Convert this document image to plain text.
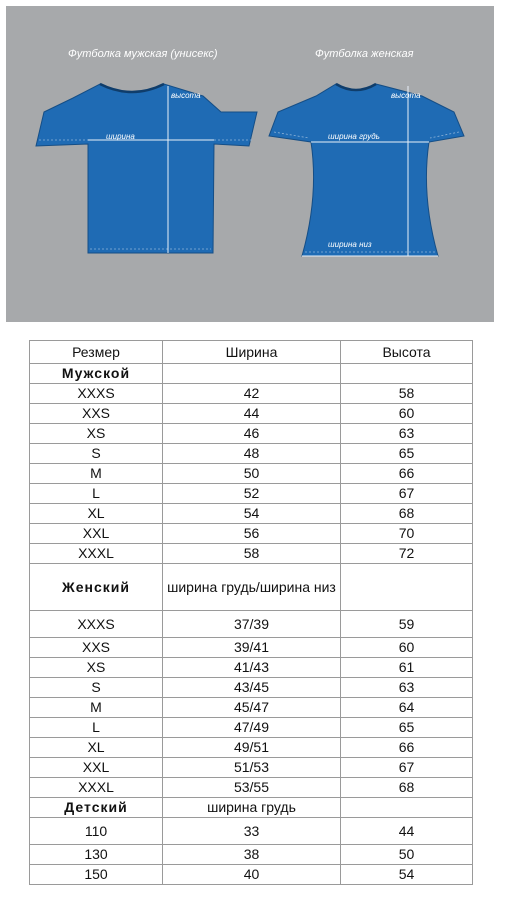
Футболка мужская (унисекс)	Футболка женская
высота
ширина
высота
ширина грудь
ширина низ
Резмер	Ширина	Высота
Мужской		
XXXS	42	58
XXS	44	60
XS	46	63
S	48	65
M	50	66
L	52	67
XL	54	68
XXL	56	70
XXXL	58	72
Женский	ширина грудь/ширина низ	
XXXS	37/39	59
XXS	39/41	60
XS	41/43	61
S	43/45	63
M	45/47	64
L	47/49	65
XL	49/51	66
XXL	51/53	67
XXXL	53/55	68
Детский	ширина грудь	
110	33	44
130	38	50
150	40	54
